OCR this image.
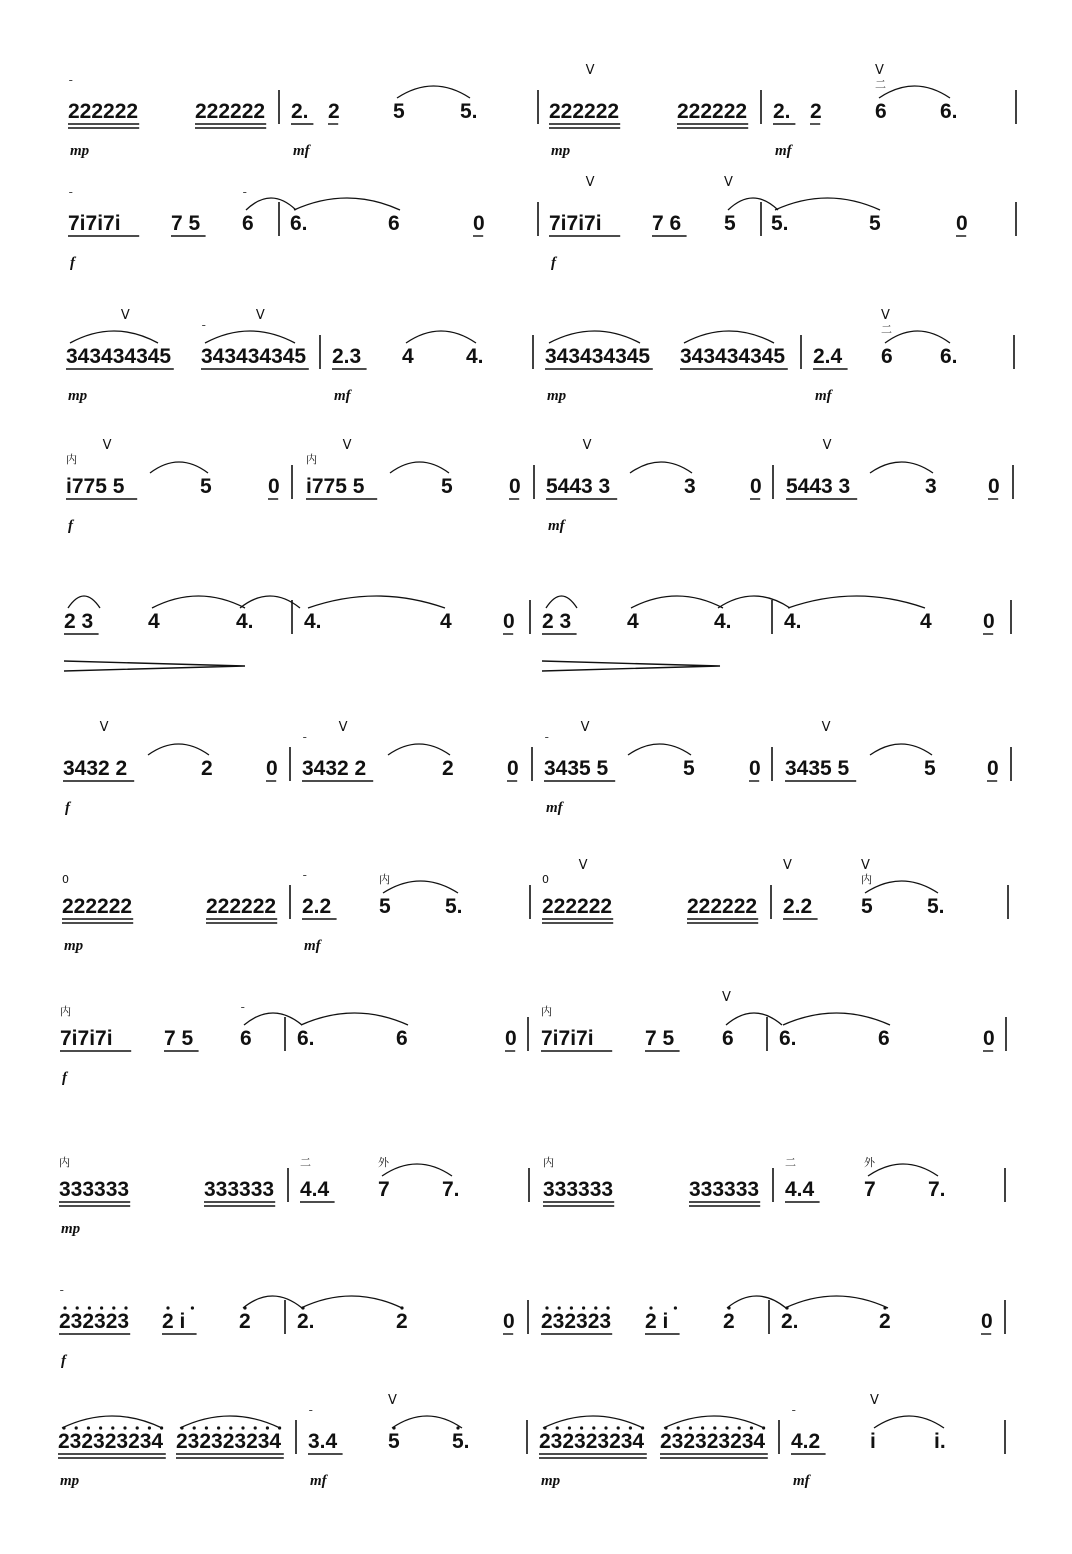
222222
ˉ
mp
222222 2.
mf
2	5	5.	222222
V
mp
222222 2.
mf
2	6
V
二
6.
7i7i7i
ˉ
f
7 5 6
ˉ
6.	6	0	7i7i7i
V
f
7 6 5
V
5.	5	0
343434345
V
mp
343434345
V
ˉ
2.3
mf
4 4.	343434345
mp
343434345 2.4
mf
6
V
二
6.
i775 5
V
内
f
5	0 i775 5
V
内
5	0 5443 3
V
mf
3	0 5443 3
V
3 0
2 3	4	4. 4.	4 0 2 3	4	4. 4.	4 0
3432 2
V
f
2	0 3432 2
V
ˉ
2	0 3435 5
V
ˉ
mf
5	0 3435 5
V
5 0
222222
0
mp
222222 2.2
ˉ
mf
5
内
5.	222222
V
0
222222 2.2
V
5
V
内
5.
7i7i7i
内
f
7 5 6
ˉ
6.	6	0 7i7i7i
内
7 5 6
V
6.	6	0
333333
内
mp
333333 4.4
二
7
外
7.	333333
内
333333 4.4
二
7
外
7.
232323
ˉ
f
2 i	2 2.	2	0 232323 2 i	2 2.	2	0
232323234
mp
232323234 3.4
ˉ
mf
5
V
5.	232323234
mp
232323234 4.2
ˉ
mf
i
V
i.
